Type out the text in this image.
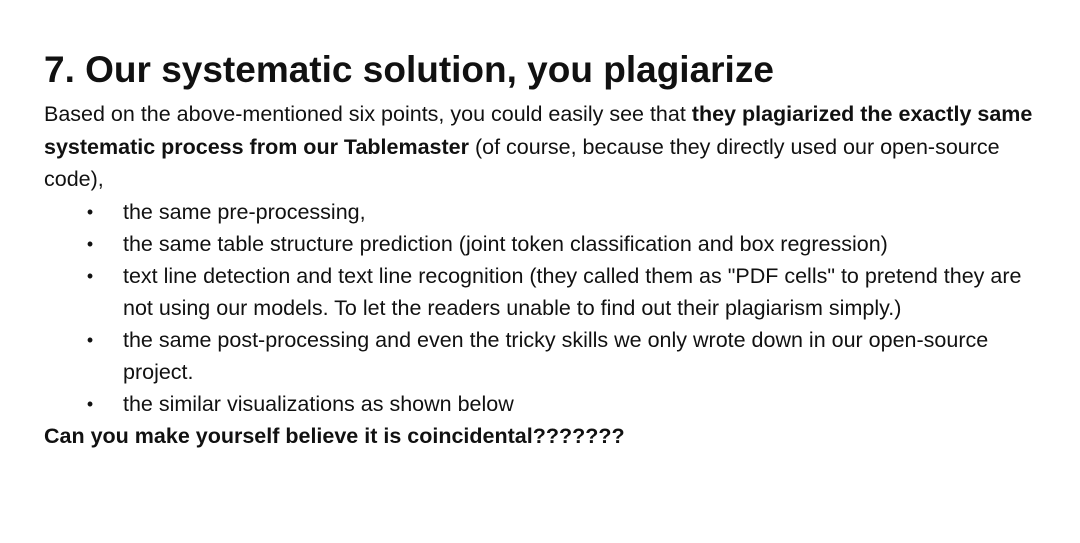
7. Our systematic solution, you plagiarize

Based on the above-mentioned six points, you could easily see that they plagiarized the exactly same systematic process from our Tablemaster (of course, because they directly used our open-source code),

• the same pre-processing,
• the same table structure prediction (joint token classification and box regression)
• text line detection and text line recognition (they called them as "PDF cells" to pretend they are not using our models. To let the readers unable to find out their plagiarism simply.)
• the same post-processing and even the tricky skills we only wrote down in our open-source project.
• the similar visualizations as shown below

Can you make yourself believe it is coincidental???????
